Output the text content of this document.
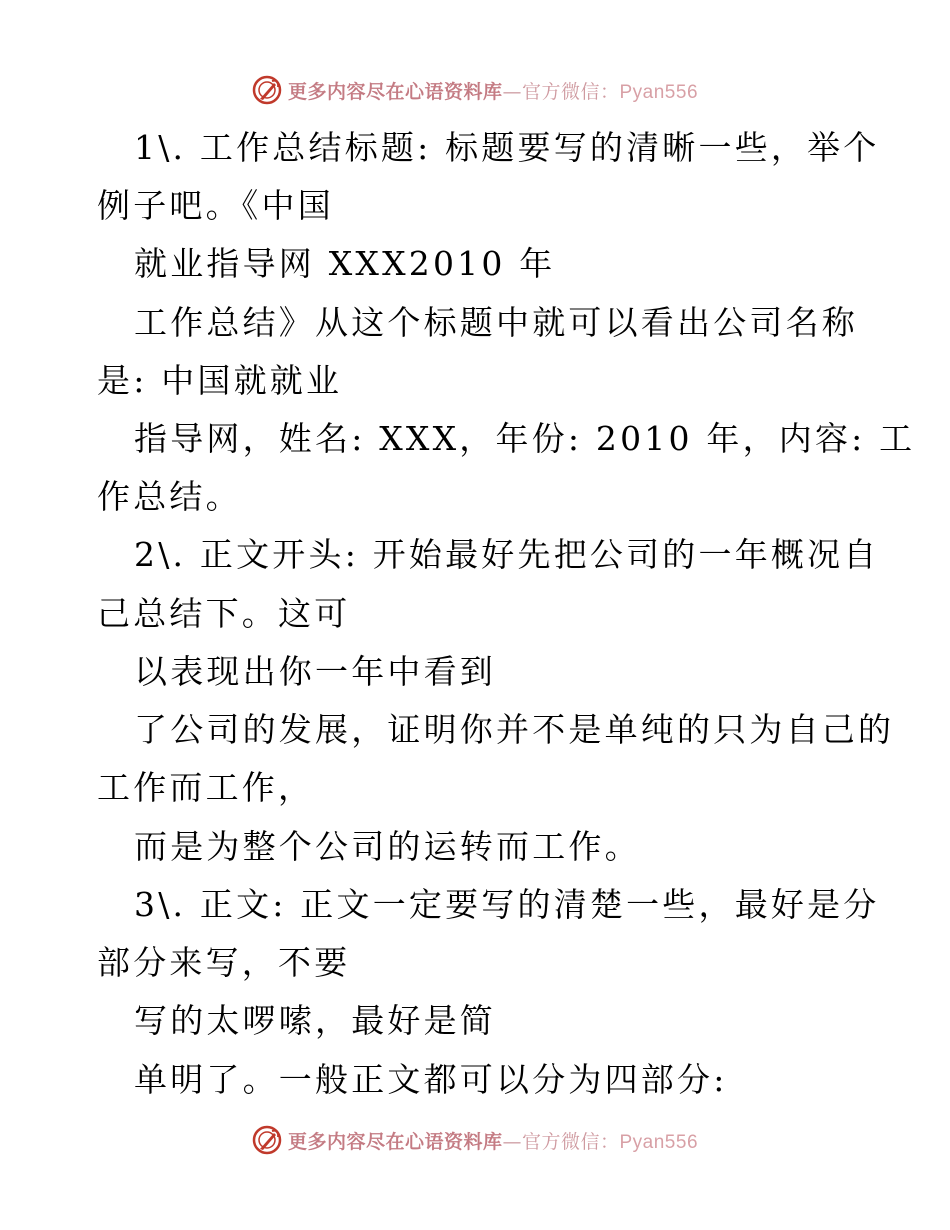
更多内容尽在心语资料库—官方微信：Pyan556
1\. 工作总结标题: 标题要写的清晰一些，举个
例子吧。《中国
就业指导网 XXX2010 年
工作总结》从这个标题中就可以看出公司名称
是: 中国就就业
指导网，姓名: XXX，年份: 2010 年，内容: 工
作总结。
2\. 正文开头: 开始最好先把公司的一年概况自
己总结下。这可
以表现出你一年中看到
了公司的发展，证明你并不是单纯的只为自己的
工作而工作，
而是为整个公司的运转而工作。
3\. 正文: 正文一定要写的清楚一些，最好是分
部分来写，不要
写的太啰嗦，最好是简
单明了。一般正文都可以分为四部分:
更多内容尽在心语资料库—官方微信：Pyan556
